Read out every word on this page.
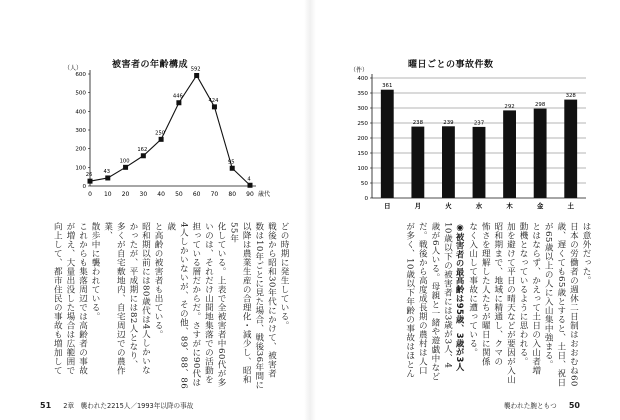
被害者の年齢構成
（人）
0
100
200
300
400
500
600
0 10 20 30 40 50 60 70 80 90 歳代
26
43
100
162
250
446
592
424
95
4

どの時期に発生している。

戦後から昭和30年代にかけて、被害者

数は10年ごとに見た場合、戦後36年間に

以降は農業生産の合理化・減少し、昭和55年

化している。上表で全被害者中60代が多

いのは、それだけ山間地集落での活動を

担っている層だからだ。さすがに90代は

4人しかいないが、その他、89、88、86歳

と高齢の被害者も出ている。

昭和期以前には80歳代は4人しかいな

かったが、平成期には82人となり、

多くが自宅敷地内、自宅周辺での農作業、

散歩中に襲われている。

これからも集落周辺では高齢者の事故

が増え、大量出没した場合は広範囲で

向上して、都市住民の事故も増加して

51 2章　襲われた2215人／1993年以降の事故
曜日ごとの事故件数
0
50
100
150
200
250
300
350
400
（件）
日	月	火	水	木	金	土
361
238	239	237
292	298
328

は意外だった。

日本の労働者の週休二日制はおおむね60

歳、遅くても65歳とすると、土日、祝日

が65歳以上の人に入山集中強まる。

とはならず、かえって土日の入山者増

動機となっているように思われる。

加を避けて平日の晴天などが要因が入山

昭和期まで、地域に精通し、クマの

怖さを理解した人たちが曜日に関係

なく入山して事故に遭っている。

◉被害者の最高齢は95歳、3歳が3人

10歳以下の被害者には3歳が3人、4

歳が6人いる。母親と一緒や遊戯中など

だ。戦後から高度成長期の農村は人口

が多く、10歳以下年齢の事故はほとん

襲われた腕ともつ 50
